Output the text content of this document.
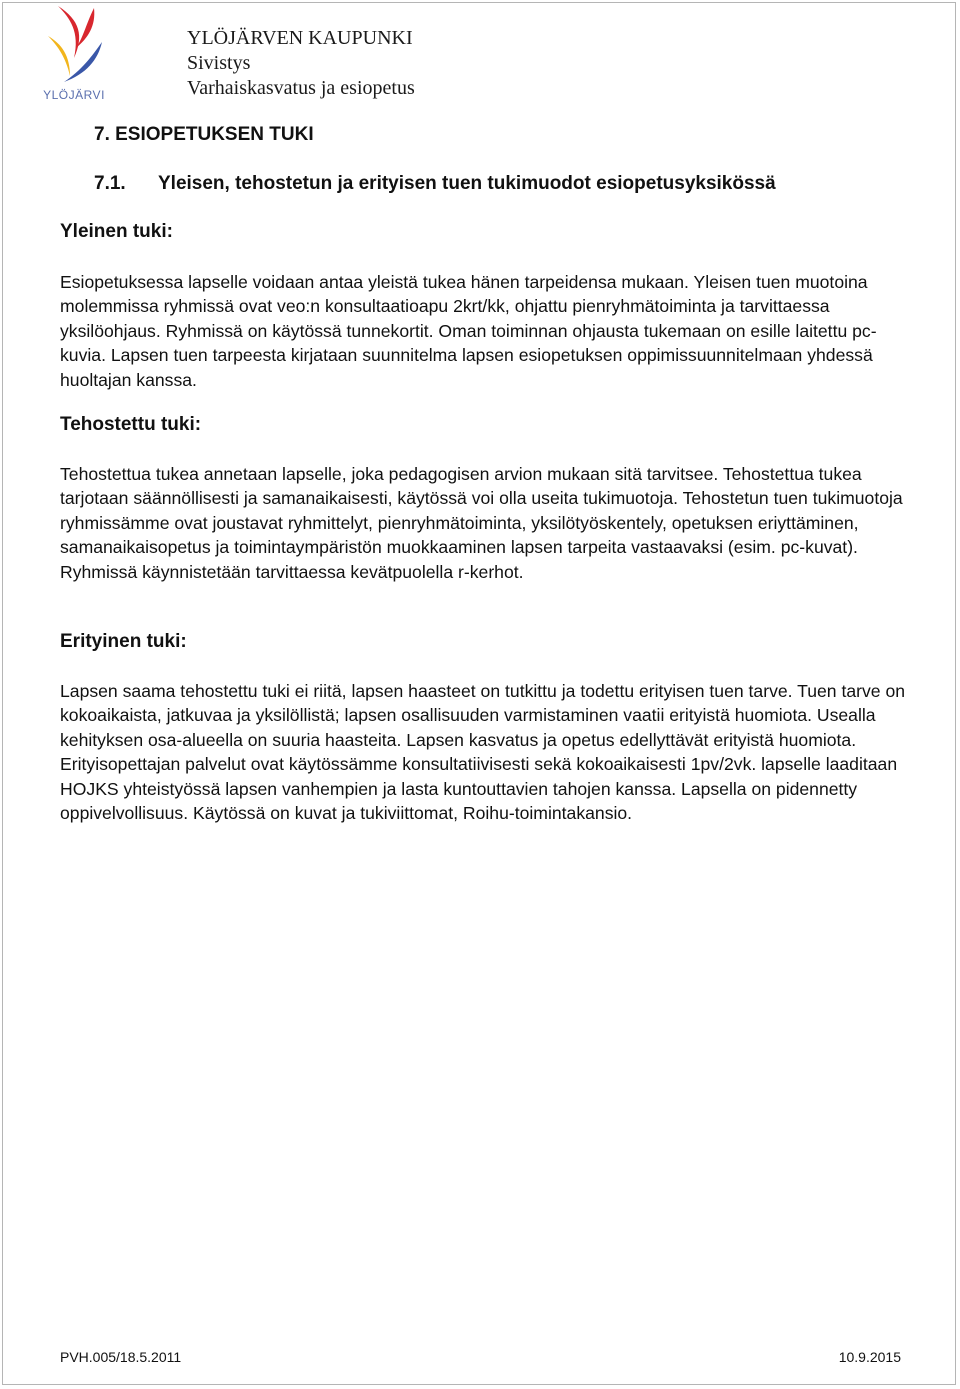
YLÖJÄRVI
YLÖJÄRVEN KAUPUNKI
Sivistys
Varhaiskasvatus ja esiopetus
7. ESIOPETUKSEN TUKI
7.1. Yleisen, tehostetun ja erityisen tuen tukimuodot esiopetusyksikössä
Yleinen tuki:

Esiopetuksessa lapselle voidaan antaa yleistä tukea hänen tarpeidensa mukaan. Yleisen tuen muotoina molemmissa ryhmissä ovat veo:n konsultaatioapu 2krt/kk, ohjattu pienryhmätoiminta ja tarvittaessa yksilöohjaus. Ryhmissä on käytössä tunnekortit. Oman toiminnan ohjausta tukemaan on esille laitettu pc-kuvia. Lapsen tuen tarpeesta kirjataan suunnitelma lapsen esiopetuksen oppimissuunnitelmaan yhdessä huoltajan kanssa.

Tehostettu tuki:

Tehostettua tukea annetaan lapselle, joka pedagogisen arvion mukaan sitä tarvitsee. Tehostettua tukea tarjotaan säännöllisesti ja samanaikaisesti, käytössä voi olla useita tukimuotoja. Tehostetun tuen tukimuotoja ryhmissämme ovat joustavat ryhmittelyt, pienryhmätoiminta, yksilötyöskentely, opetuksen eriyttäminen, samanaikaisopetus ja toimintaympäristön muokkaaminen lapsen tarpeita vastaavaksi (esim. pc-kuvat). Ryhmissä käynnistetään tarvittaessa kevätpuolella r-kerhot.

Erityinen tuki:

Lapsen saama tehostettu tuki ei riitä, lapsen haasteet on tutkittu ja todettu erityisen tuen tarve. Tuen tarve on kokoaikaista, jatkuvaa ja yksilöllistä; lapsen osallisuuden varmistaminen vaatii erityistä huomiota. Usealla kehityksen osa-alueella on suuria haasteita. Lapsen kasvatus ja opetus edellyttävät erityistä huomiota. Erityisopettajan palvelut ovat käytössämme konsultatiivisesti sekä kokoaikaisesti 1pv/2vk. lapselle laaditaan HOJKS yhteistyössä lapsen vanhempien ja lasta kuntouttavien tahojen kanssa. Lapsella on pidennetty oppivelvollisuus. Käytössä on kuvat ja tukiviittomat, Roihu-toimintakansio.

PVH.005/18.5.2011	10.9.2015
